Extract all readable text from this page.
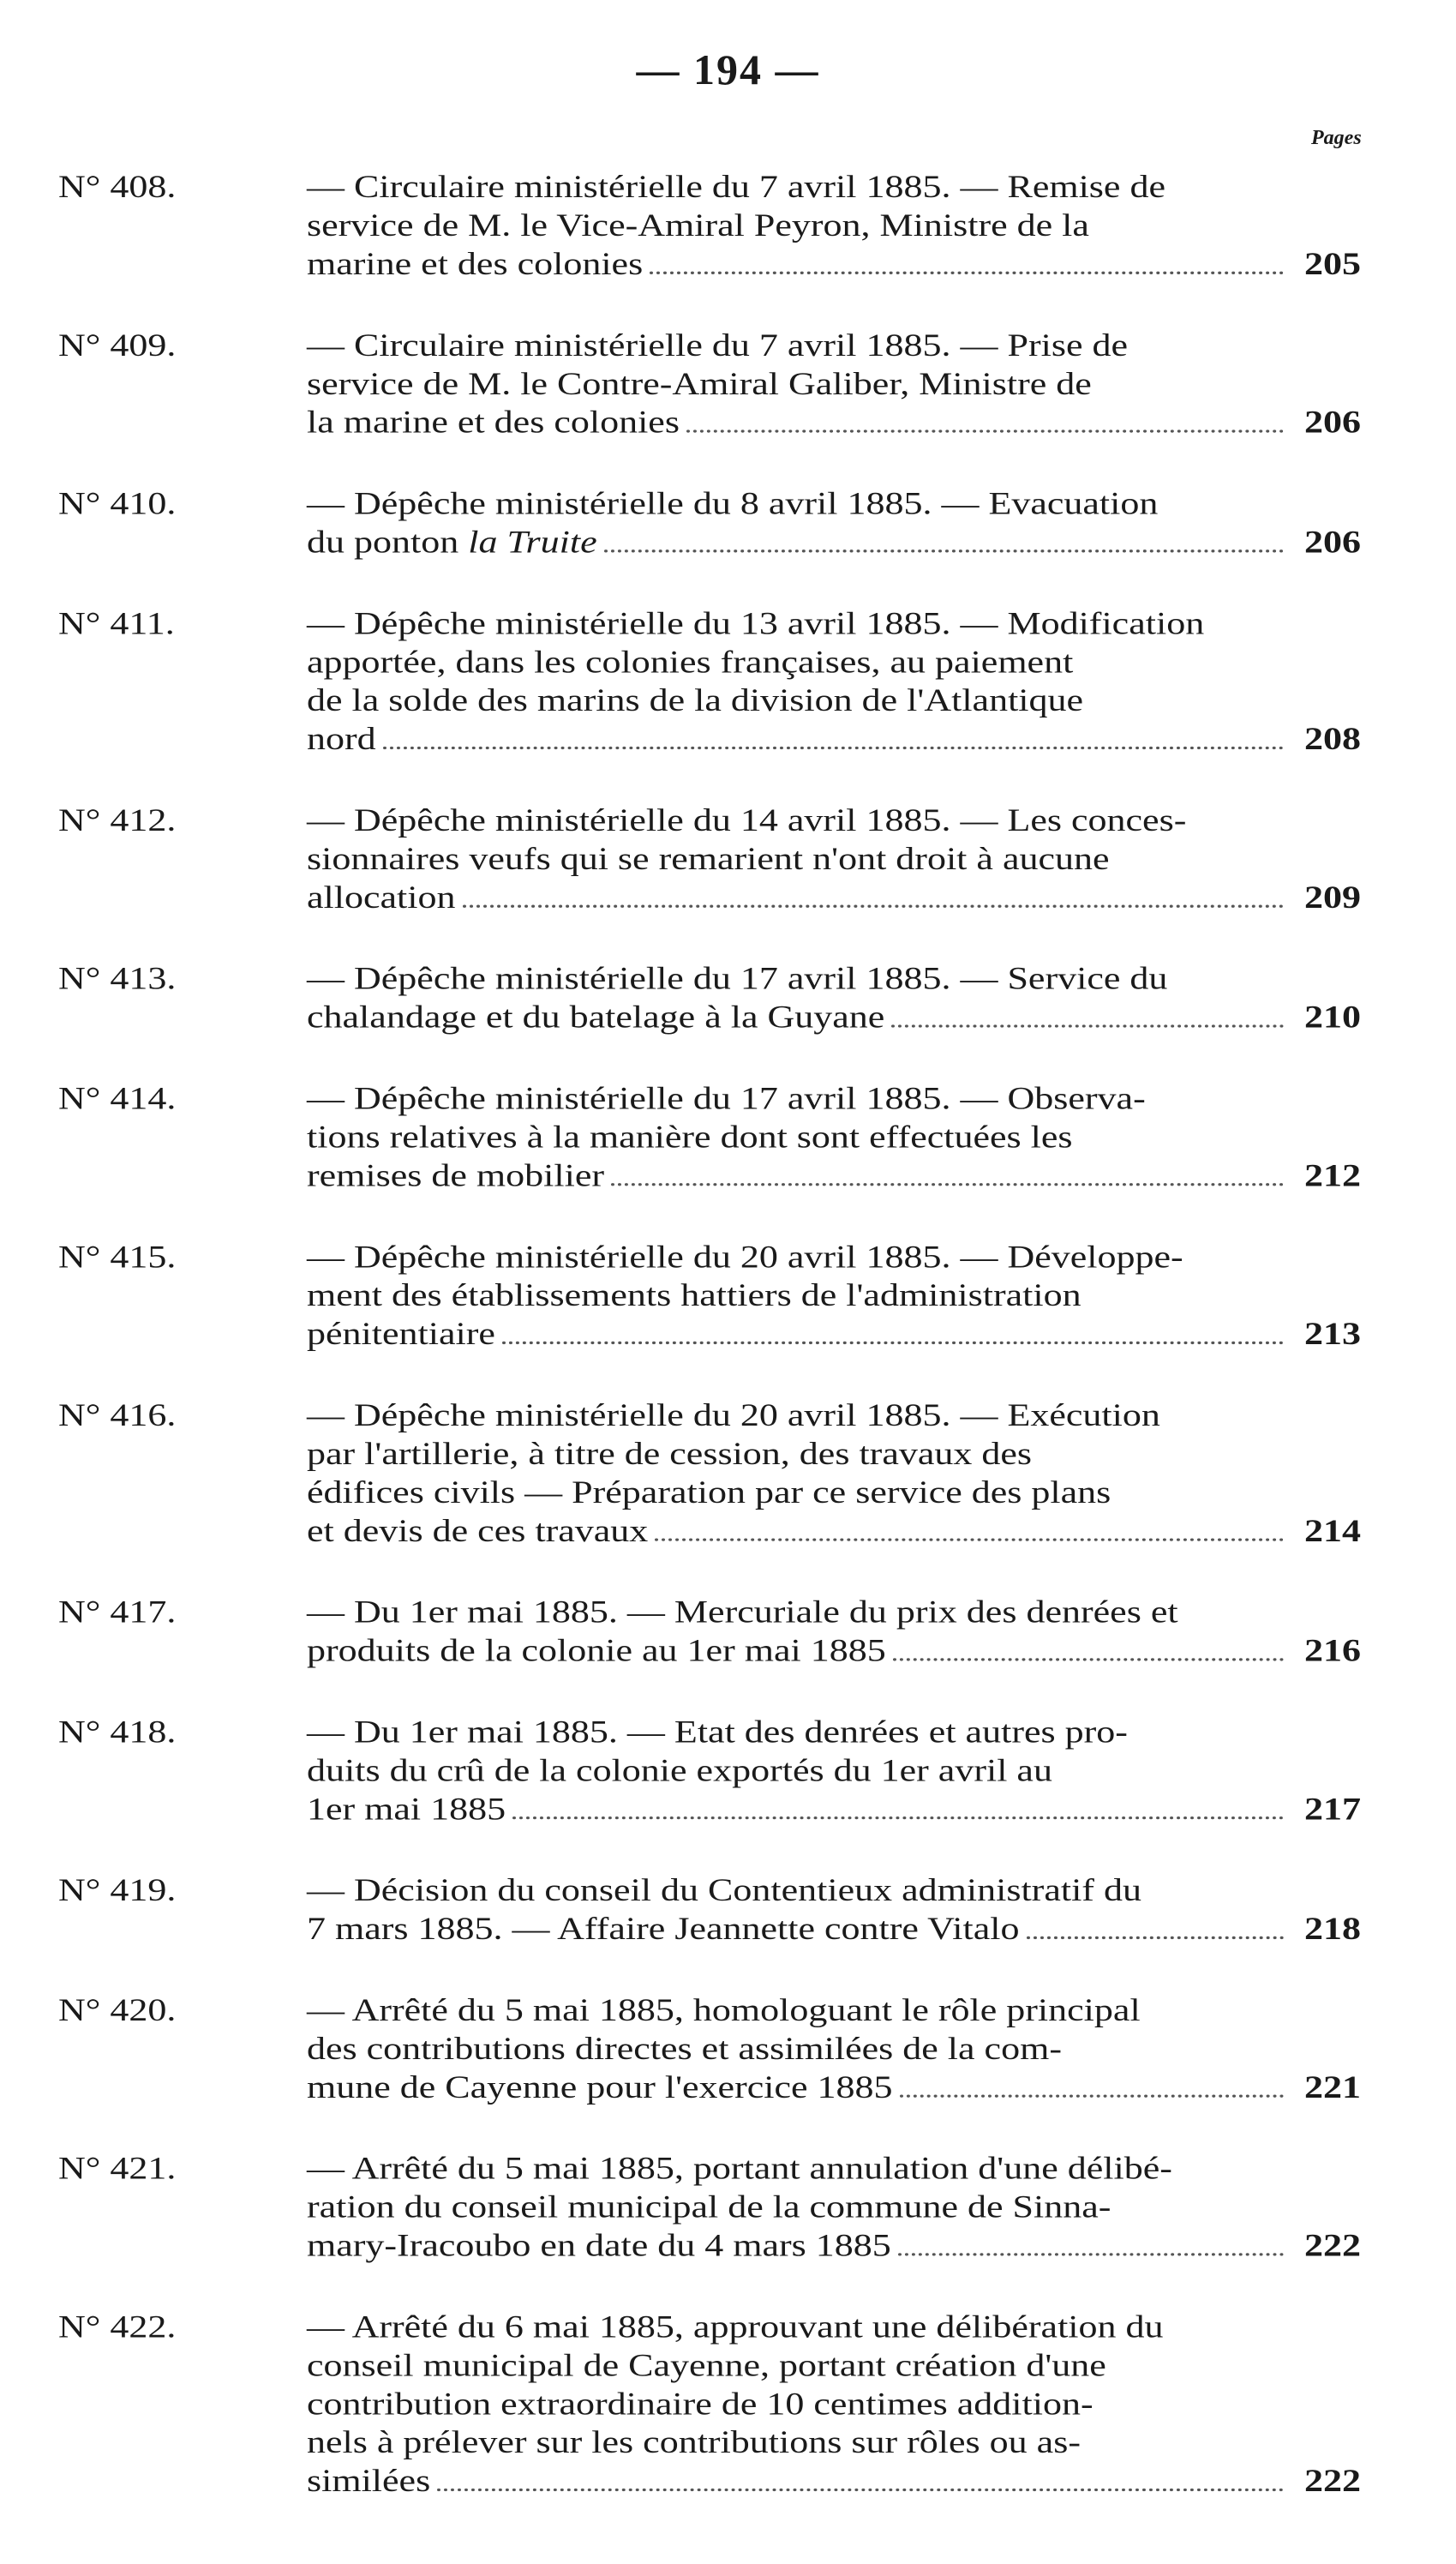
— 194 —
Pages
N° 408.	— Circulaire ministérielle du 7 avril 1885. — Remise de
service de M. le Vice-Amiral Peyron, Ministre de la
marine et des colonies	205
N° 409.	— Circulaire ministérielle du 7 avril 1885. — Prise de
service de M. le Contre-Amiral Galiber, Ministre de
la marine et des colonies	206
N° 410.	— Dépêche ministérielle du 8 avril 1885. — Evacuation
du ponton la Truite	206
N° 411.	— Dépêche ministérielle du 13 avril 1885. — Modification
apportée, dans les colonies françaises, au paiement
de la solde des marins de la division de l'Atlantique
nord	208
N° 412.	— Dépêche ministérielle du 14 avril 1885. — Les conces-
sionnaires veufs qui se remarient n'ont droit à aucune
allocation	209
N° 413.	— Dépêche ministérielle du 17 avril 1885. — Service du
chalandage et du batelage à la Guyane	210
N° 414.	— Dépêche ministérielle du 17 avril 1885. — Observa-
tions relatives à la manière dont sont effectuées les
remises de mobilier	212
N° 415.	— Dépêche ministérielle du 20 avril 1885. — Développe-
ment des établissements hattiers de l'administration
pénitentiaire	213
N° 416.	— Dépêche ministérielle du 20 avril 1885. — Exécution
par l'artillerie, à titre de cession, des travaux des
édifices civils — Préparation par ce service des plans
et devis de ces travaux	214
N° 417.	— Du 1er mai 1885. — Mercuriale du prix des denrées et
produits de la colonie au 1er mai 1885	216
N° 418.	— Du 1er mai 1885. — Etat des denrées et autres pro-
duits du crû de la colonie exportés du 1er avril au
1er mai 1885	217
N° 419.	— Décision du conseil du Contentieux administratif du
7 mars 1885. — Affaire Jeannette contre Vitalo	218
N° 420.	— Arrêté du 5 mai 1885, homologuant le rôle principal
des contributions directes et assimilées de la com-
mune de Cayenne pour l'exercice 1885	221
N° 421.	— Arrêté du 5 mai 1885, portant annulation d'une délibé-
ration du conseil municipal de la commune de Sinna-
mary-Iracoubo en date du 4 mars 1885	222
N° 422.	— Arrêté du 6 mai 1885, approuvant une délibération du
conseil municipal de Cayenne, portant création d'une
contribution extraordinaire de 10 centimes addition-
nels à prélever sur les contributions sur rôles ou as-
similées	222
